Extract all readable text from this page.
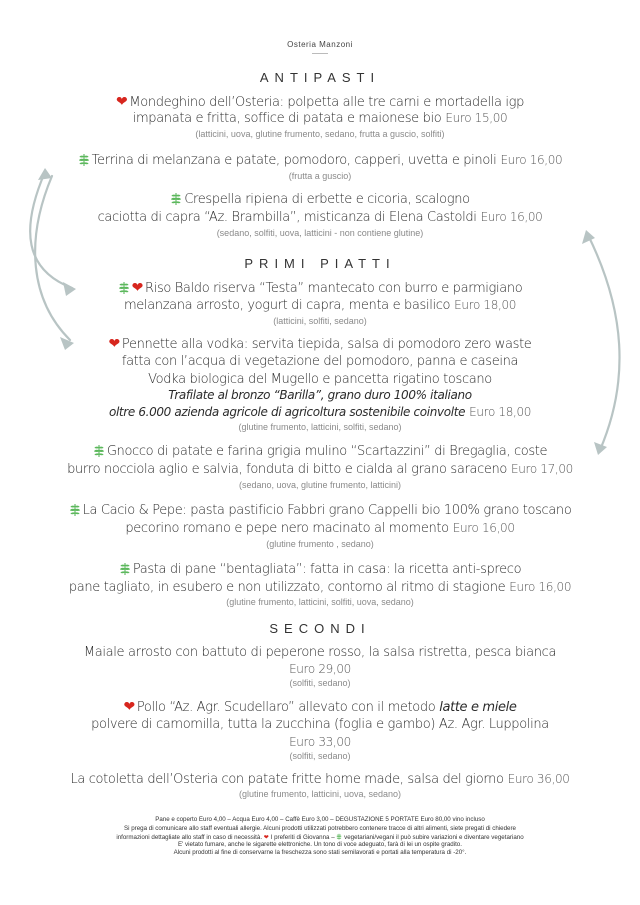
Osteria Manzoni
ANTIPASTI
❤ Mondeghino dell’Osteria: polpetta alle tre carni e mortadella igp
impanata e fritta, soffice di patata e maionese bio Euro 15,00
(latticini, uova, glutine frumento, sedano, frutta a guscio, solfiti)
Terrina di melanzana e patate, pomodoro, capperi, uvetta e pinoli Euro 16,00
(frutta a guscio)
Crespella ripiena di erbette e cicoria, scalogno
caciotta di capra “Az. Brambilla”, misticanza di Elena Castoldi Euro 16,00
(sedano, solfiti, uova, latticini - non contiene glutine)
PRIMI PIATTI
❤ Riso Baldo riserva “Testa” mantecato con burro e parmigiano
melanzana arrosto, yogurt di capra, menta e basilico Euro 18,00
(latticini, solfiti, sedano)
❤ Pennette alla vodka: servita tiepida, salsa di pomodoro zero waste
fatta con l’acqua di vegetazione del pomodoro, panna e caseina
Vodka biologica del Mugello e pancetta rigatino toscano
Trafilate al bronzo “Barilla”, grano duro 100% italiano
oltre 6.000 azienda agricole di agricoltura sostenibile coinvolte Euro 18,00
(glutine frumento, latticini, solfiti, sedano)
Gnocco di patate e farina grigia mulino “Scartazzini” di Bregaglia, coste
burro nocciola aglio e salvia, fonduta di bitto e cialda al grano saraceno Euro 17,00
(sedano, uova, glutine frumento, latticini)
La Cacio & Pepe: pasta pastificio Fabbri grano Cappelli bio 100% grano toscano
pecorino romano e pepe nero macinato al momento Euro 16,00
(glutine frumento , sedano)
Pasta di pane “bentagliata”: fatta in casa: la ricetta anti-spreco
pane tagliato, in esubero e non utilizzato, contorno al ritmo di stagione Euro 16,00
(glutine frumento, latticini, solfiti, uova, sedano)
SECONDI
Maiale arrosto con battuto di peperone rosso, la salsa ristretta, pesca bianca
Euro 29,00
(solfiti, sedano)
❤ Pollo “Az. Agr. Scudellaro” allevato con il metodo latte e miele
polvere di camomilla, tutta la zucchina (foglia e gambo) Az. Agr. Luppolina
Euro 33,00
(solfiti, sedano)
La cotoletta dell’Osteria con patate fritte home made, salsa del giorno Euro 36,00
(glutine frumento, latticini, uova, sedano)
Pane e coperto Euro 4,00 – Acqua Euro 4,00 – Caffè Euro 3,00 – DEGUSTAZIONE 5 PORTATE Euro 80,00 vino incluso
Si prega di comunicare allo staff eventuali allergie. Alcuni prodotti utilizzati potrebbero contenere tracce di altri alimenti, siete pregati di chiedere
informazioni dettagliate allo staff in caso di necessità. ❤ I preferiti di Giovanna –  vegetariani/vegani il può subire variazioni e diventare vegetariano
E' vietato fumare, anche le sigarette elettroniche. Un tono di voce adeguato, farà di lei un ospite gradito.
Alcuni prodotti al fine di conservarne la freschezza sono stati semilavorati e portati alla temperatura di -20°.
